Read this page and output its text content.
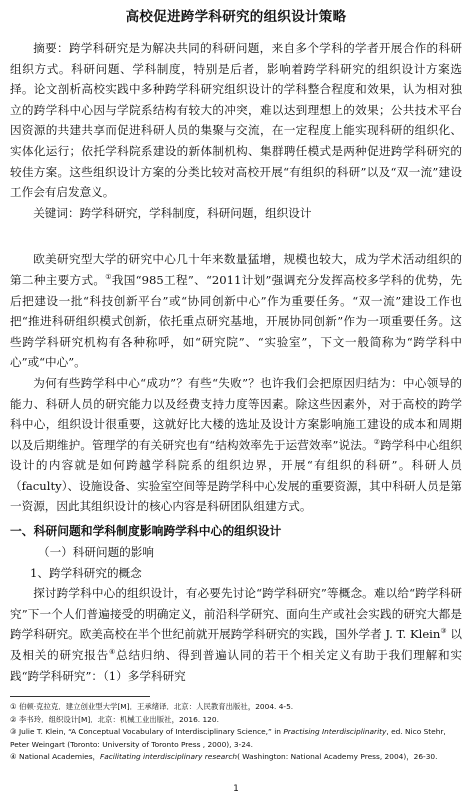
高校促进跨学科研究的组织设计策略

摘要：跨学科研究是为解决共同的科研问题，来自多个学科的学者开展合作的科研组织方式。科研问题、学科制度，特别是后者，影响着跨学科研究的组织设计方案选择。论文剖析高校实践中多种跨学科研究组织设计的学科整合程度和效果，认为相对独立的跨学科中心因与学院系结构有较大的冲突，难以达到理想上的效果；公共技术平台因资源的共建共享而促进科研人员的集聚与交流，在一定程度上能实现科研的组织化、实体化运行；依托学科院系建设的新体制机构、集群聘任模式是两种促进跨学科研究的较佳方案。这些组织设计方案的分类比较对高校开展“有组织的科研”以及“双一流”建设工作会有启发意义。

关键词：跨学科研究，学科制度，科研问题，组织设计

欧美研究型大学的研究中心几十年来数量猛增，规模也较大，成为学术活动组织的第二种主要方式。①我国“985工程”、“2011计划”强调充分发挥高校多学科的优势，先后把建设一批“科技创新平台”或“协同创新中心”作为重要任务。“双一流”建设工作也把“推进科研组织模式创新，依托重点研究基地，开展协同创新”作为一项重要任务。这些跨学科研究机构有各种称呼，如“研究院”、“实验室”，下文一般简称为“跨学科中心”或“中心”。

为何有些跨学科中心“成功”？有些“失败”？也许我们会把原因归结为：中心领导的能力、科研人员的研究能力以及经费支持力度等因素。除这些因素外，对于高校的跨学科中心，组织设计很重要，这就好比大楼的选址及设计方案影响施工建设的成本和周期以及后期维护。管理学的有关研究也有“结构效率先于运营效率”说法。②跨学科中心组织设计的内容就是如何跨越学科院系的组织边界，开展“有组织的科研”。科研人员（faculty）、设施设备、实验室空间等是跨学科中心发展的重要资源，其中科研人员是第一资源，因此其组织设计的核心内容是科研团队组建方式。

一、科研问题和学科制度影响跨学科中心的组织设计
（一）科研问题的影响
1、跨学科研究的概念

探讨跨学科中心的组织设计，有必要先讨论“跨学科研究”等概念。难以给“跨学科研究”下一个人们普遍接受的明确定义，前沿科学研究、面向生产或社会实践的研究大都是跨学科研究。欧美高校在半个世纪前就开展跨学科研究的实践，国外学者 J. T. Klein③ 以及相关的研究报告④总结归纳、得到普遍认同的若干个相关定义有助于我们理解和实践“跨学科研究”：（1）多学科研究

① 伯顿·克拉克．建立创业型大学[M]．王承绪译．北京：人民教育出版社，2004. 4-5.

② 李书玲．组织设计[M]．北京：机械工业出版社，2016. 120.

③ Julie T. Klein, “A Conceptual Vocabulary of Interdisciplinary Science,” in Practising Interdisciplinarity, ed. Nico Stehr, Peter Weingart (Toronto: University of Toronto Press , 2000), 3-24.

④ National Academies，Facilitating interdisciplinary research( Washington: National Academy Press, 2004)，26-30.

1
